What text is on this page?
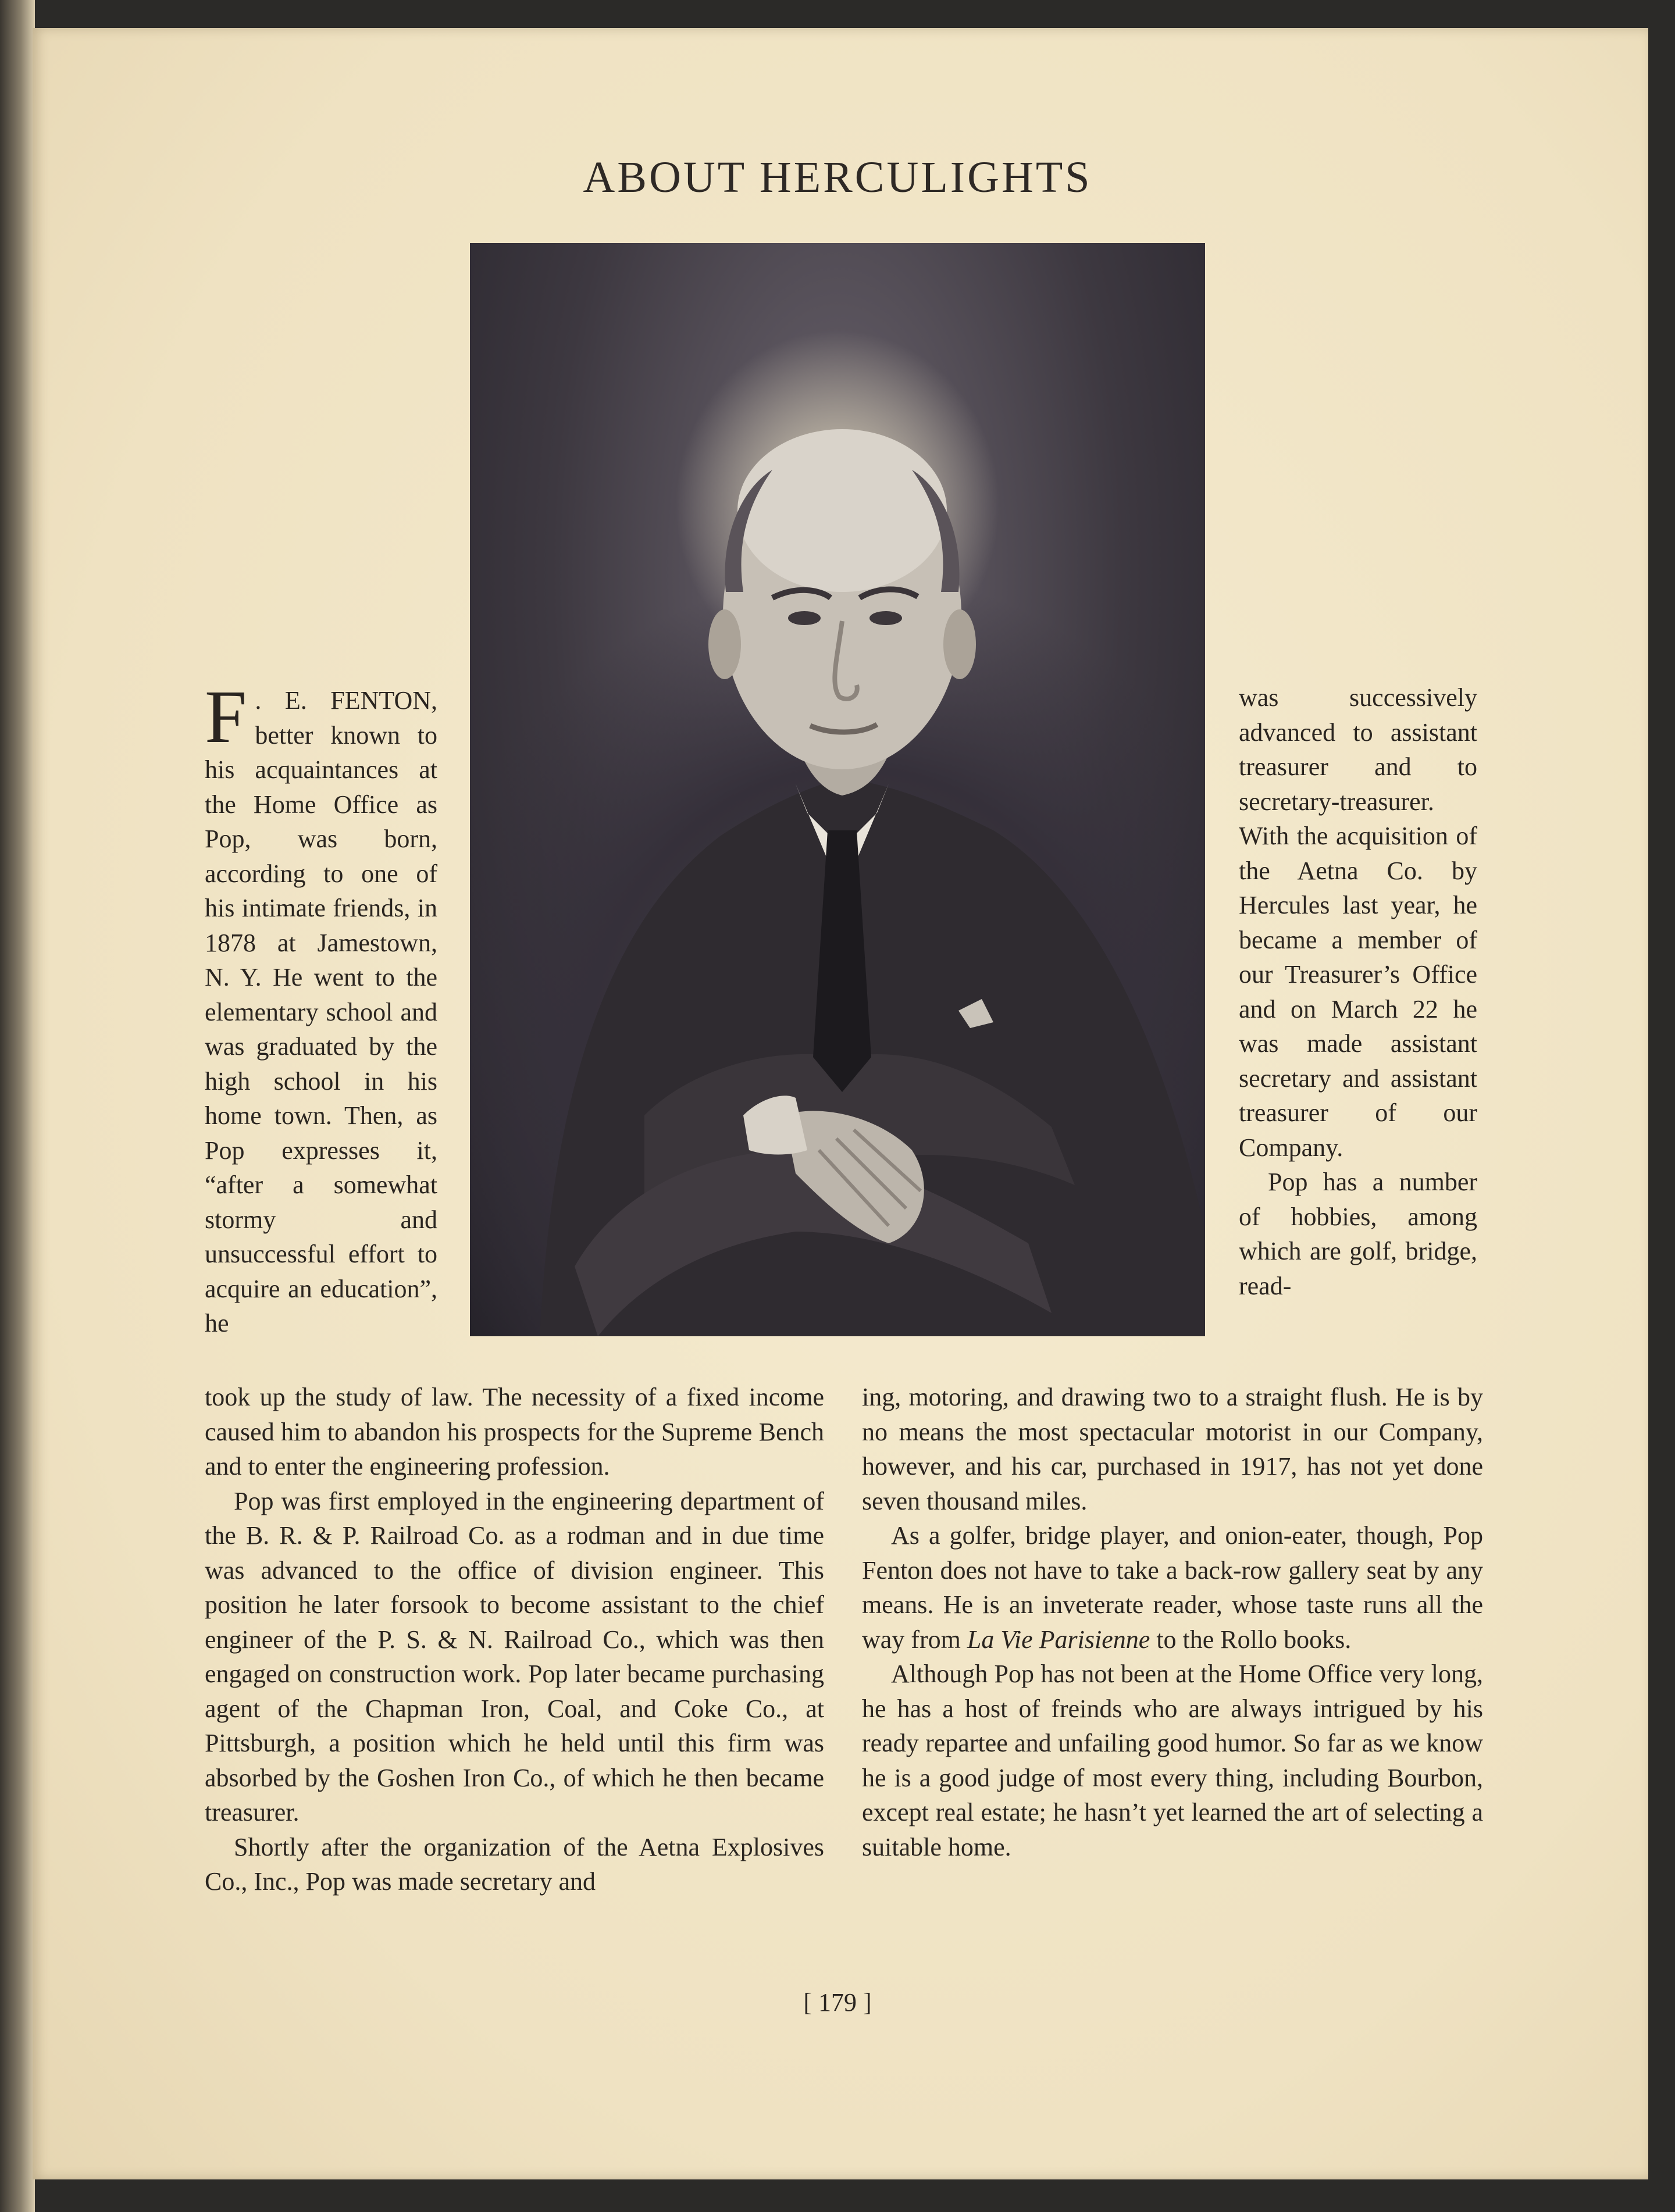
ABOUT HERCULIGHTS
F . E. FENTON, better known to his acquaintances at the Home Office as Pop, was born, according to one of his intimate friends, in 1878 at Jamestown, N. Y. He went to the elementary school and was graduated by the high school in his home town. Then, as Pop expresses it, “after a somewhat stormy and unsuccessful effort to acquire an education”, he

was successively advanced to assistant treasurer and to secretary-treasurer. With the acquisition of the Aetna Co. by Hercules last year, he became a member of our Treasurer’s Office and on March 22 he was made assistant secretary and assistant treasurer of our Company.

Pop has a number of hobbies, among which are golf, bridge, read-

took up the study of law. The necessity of a fixed income caused him to abandon his prospects for the Supreme Bench and to enter the engineering profession.

Pop was first employed in the engineering department of the B. R. & P. Railroad Co. as a rodman and in due time was advanced to the office of division engineer. This position he later forsook to become assistant to the chief engineer of the P. S. & N. Railroad Co., which was then engaged on construction work. Pop later became purchasing agent of the Chapman Iron, Coal, and Coke Co., at Pittsburgh, a position which he held until this firm was absorbed by the Goshen Iron Co., of which he then became treasurer.

Shortly after the organization of the Aetna Explosives Co., Inc., Pop was made secretary and

ing, motoring, and drawing two to a straight flush. He is by no means the most spectacular motorist in our Company, however, and his car, purchased in 1917, has not yet done seven thousand miles.

As a golfer, bridge player, and onion-eater, though, Pop Fenton does not have to take a back-row gallery seat by any means. He is an inveterate reader, whose taste runs all the way from La Vie Parisienne to the Rollo books.

Although Pop has not been at the Home Office very long, he has a host of freinds who are always intrigued by his ready repartee and unfailing good humor. So far as we know he is a good judge of most every thing, including Bourbon, except real estate; he hasn’t yet learned the art of selecting a suitable home.

[ 179 ]
